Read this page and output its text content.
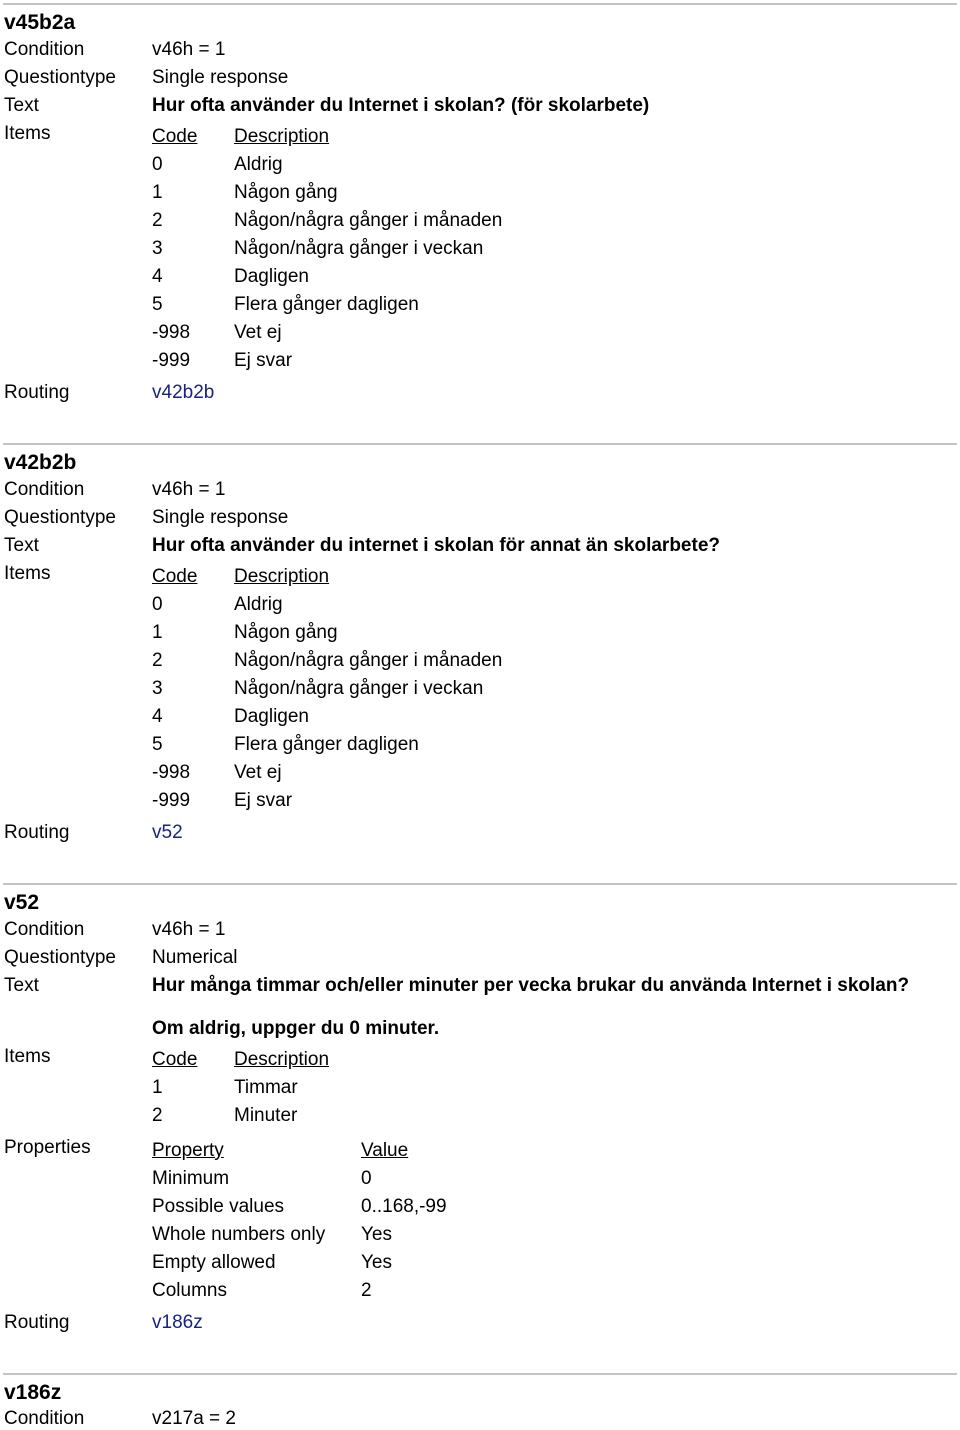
v45b2a
Condition	v46h = 1
Questiontype Single response
Text	Hur ofta använder du Internet i skolan? (för skolarbete)
Items	Code Description
0	Aldrig
1	Någon gång
2	Någon/några gånger i månaden
3	Någon/några gånger i veckan
4	Dagligen
5	Flera gånger dagligen
-998 Vet ej
-999 Ej svar
Routing	v42b2b
v42b2b
Condition	v46h = 1
Questiontype Single response
Text	Hur ofta använder du internet i skolan för annat än skolarbete?
Items	Code Description
0	Aldrig
1	Någon gång
2	Någon/några gånger i månaden
3	Någon/några gånger i veckan
4	Dagligen
5	Flera gånger dagligen
-998 Vet ej
-999 Ej svar
Routing	v52
v52
Condition	v46h = 1
Questiontype Numerical
Text	Hur många timmar och/eller minuter per vecka brukar du använda Internet i skolan?
Om aldrig, uppger du 0 minuter.
Items	Code Description
1	Timmar
2	Minuter
Properties	Property	Value
Minimum	0
Possible values	0..168,-99
Whole numbers only Yes
Empty allowed	Yes
Columns	2
Routing	v186z
v186z
Condition	v217a = 2
